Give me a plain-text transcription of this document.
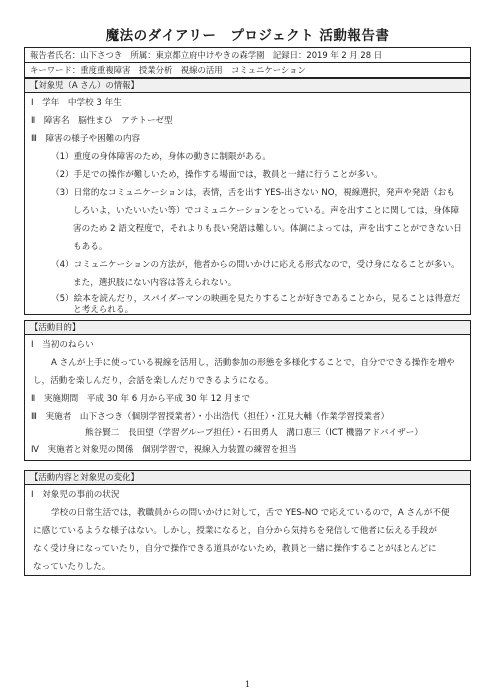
魔法のダイアリー　プロジェクト 活動報告書
報告者氏名：山下さつき　所属：東京都立府中けやきの森学園　記録日：2019 年 2 月 28 日
キーワード：重度重複障害　授業分析　視線の活用　コミュニケーション
【対象児（A さん）の情報】
Ⅰ　学年　中学校 3 年生
Ⅱ　障害名　脳性まひ　アテトーゼ型
Ⅲ　障害の様子や困難の内容
（1）重度の身体障害のため，身体の動きに制限がある。
（2）手足での操作が難しいため，操作する場面では，教員と一緒に行うことが多い。
（3）日常的なコミュニケーションは，表情，舌を出す YES-出さない NO，視線選択，発声や発語（おも
しろいよ，いたいいたい等）でコミュニケーションをとっている。声を出すことに関しては，身体障
害のため 2 語文程度で，それよりも長い発語は難しい。体調によっては，声を出すことができない日
もある。
（4）コミュニケーションの方法が，他者からの問いかけに応える形式なので，受け身になることが多い。
また，選択肢にない内容は答えられない。
（5）絵本を読んだり，スパイダーマンの映画を見たりすることが好きであることから，見ることは得意だ
と考えられる。
【活動目的】
Ⅰ　当初のねらい
A さんが上手に使っている視線を活用し，活動参加の形態を多様化することで，自分でできる操作を増や
し，活動を楽しんだり，会話を楽しんだりできるようになる。
Ⅱ　実施期間　平成 30 年 6 月から平成 30 年 12 月まで
Ⅲ　実施者　山下さつき（個別学習授業者）・小出浩代（担任）・江見大輔（作業学習授業者）
熊谷賢二　長田望（学習グループ担任）・石田勇人　溝口恵三（ICT 機器アドバイザー）
Ⅳ　実施者と対象児の関係　個別学習で，視線入力装置の練習を担当
【活動内容と対象児の変化】
Ⅰ　対象児の事前の状況
学校の日常生活では，教職員からの問いかけに対して，舌で YES-NO で応えているので，A さんが不便
に感じているような様子はない。しかし，授業になると，自分から気持ちを発信して他者に伝える手段が
なく受け身になっていたり，自分で操作できる道具がないため，教員と一緒に操作することがほとんどに
なっていたりした。
1
